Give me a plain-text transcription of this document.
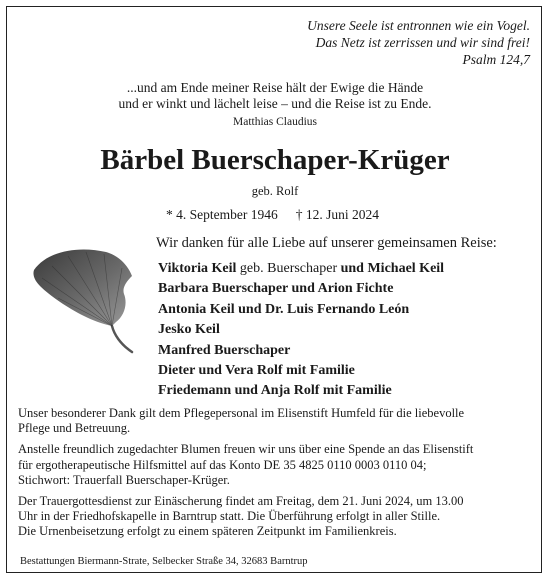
Unsere Seele ist entronnen wie ein Vogel.
Das Netz ist zerrissen und wir sind frei!
Psalm 124,7
...und am Ende meiner Reise hält der Ewige die Hände
und er winkt und lächelt leise – und die Reise ist zu Ende.
Matthias Claudius
Bärbel Buerschaper-Krüger
geb. Rolf
* 4. September 1946 † 12. Juni 2024
Wir danken für alle Liebe auf unserer gemeinsamen Reise:
Viktoria Keil geb. Buerschaper und Michael Keil
Barbara Buerschaper und Arion Fichte
Antonia Keil und Dr. Luis Fernando León
Jesko Keil
Manfred Buerschaper
Dieter und Vera Rolf mit Familie
Friedemann und Anja Rolf mit Familie
Unser besonderer Dank gilt dem Pflegepersonal im Elisenstift Humfeld für die liebevolle
Pflege und Betreuung.
Anstelle freundlich zugedachter Blumen freuen wir uns über eine Spende an das Elisenstift
für ergotherapeutische Hilfsmittel auf das Konto DE 35 4825 0110 0003 0110 04;
Stichwort: Trauerfall Buerschaper-Krüger.
Der Trauergottesdienst zur Einäscherung findet am Freitag, dem 21. Juni 2024, um 13.00
Uhr in der Friedhofskapelle in Barntrup statt. Die Überführung erfolgt in aller Stille.
Die Urnenbeisetzung erfolgt zu einem späteren Zeitpunkt im Familienkreis.
Bestattungen Biermann-Strate, Selbecker Straße 34, 32683 Barntrup
